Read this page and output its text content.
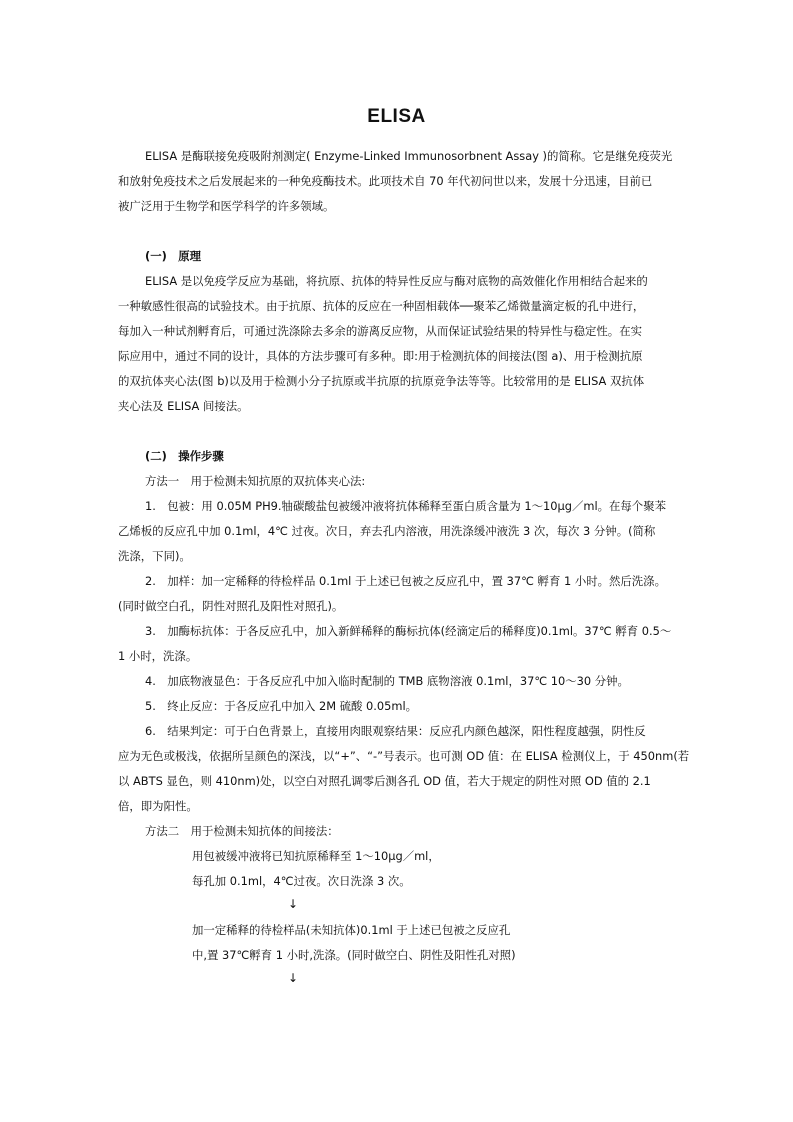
ELISA
ELISA 是酶联接免疫吸附剂测定( Enzyme-Linked Immunosorbnent Assay )的简称。它是继免疫荧光
和放射免疫技术之后发展起来的一种免疫酶技术。此项技术自 70 年代初问世以来，发展十分迅速，目前已
被广泛用于生物学和医学科学的许多领域。
(一)　原理
ELISA 是以免疫学反应为基础，将抗原、抗体的特异性反应与酶对底物的高效催化作用相结合起来的
一种敏感性很高的试验技术。由于抗原、抗体的反应在一种固相载体──聚苯乙烯微量滴定板的孔中进行，
每加入一种试剂孵育后，可通过洗涤除去多余的游离反应物，从而保证试验结果的特异性与稳定性。在实
际应用中，通过不同的设计，具体的方法步骤可有多种。即:用于检测抗体的间接法(图 a)、用于检测抗原
的双抗体夹心法(图 b)以及用于检测小分子抗原或半抗原的抗原竞争法等等。比较常用的是 ELISA 双抗体
夹心法及 ELISA 间接法。
(二)　操作步骤
方法一　用于检测未知抗原的双抗体夹心法:
1.　包被：用 0.05M PH9.牰碳酸盐包被缓冲液将抗体稀释至蛋白质含量为 1～10μg／ml。在每个聚苯
乙烯板的反应孔中加 0.1ml，4℃ 过夜。次日，弃去孔内溶液，用洗涤缓冲液洗 3 次，每次 3 分钟。(简称
洗涤，下同)。
2.　加样：加一定稀释的待检样品 0.1ml 于上述已包被之反应孔中，置 37℃ 孵育 1 小时。然后洗涤。
(同时做空白孔，阴性对照孔及阳性对照孔)。
3.　加酶标抗体：于各反应孔中，加入新鲜稀释的酶标抗体(经滴定后的稀释度)0.1ml。37℃ 孵育 0.5～
1 小时，洗涤。
4.　加底物液显色：于各反应孔中加入临时配制的 TMB 底物溶液 0.1ml，37℃ 10～30 分钟。
5.　终止反应：于各反应孔中加入 2M 硫酸 0.05ml。
6.　结果判定：可于白色背景上，直接用肉眼观察结果：反应孔内颜色越深，阳性程度越强，阴性反
应为无色或极浅，依据所呈颜色的深浅，以“+”、“-”号表示。也可测 OD 值：在 ELISA 检测仪上，于 450nm(若
以 ABTS 显色，则 410nm)处，以空白对照孔调零后测各孔 OD 值，若大于规定的阴性对照 OD 值的 2.1
倍，即为阳性。
方法二　用于检测未知抗体的间接法：
用包被缓冲液将已知抗原稀释至 1～10μg／ml，
每孔加 0.1ml，4℃过夜。次日洗涤 3 次。
↓
加一定稀释的待检样品(未知抗体)0.1ml 于上述已包被之反应孔
中,置 37℃孵育 1 小时,洗涤。(同时做空白、阴性及阳性孔对照)
↓
